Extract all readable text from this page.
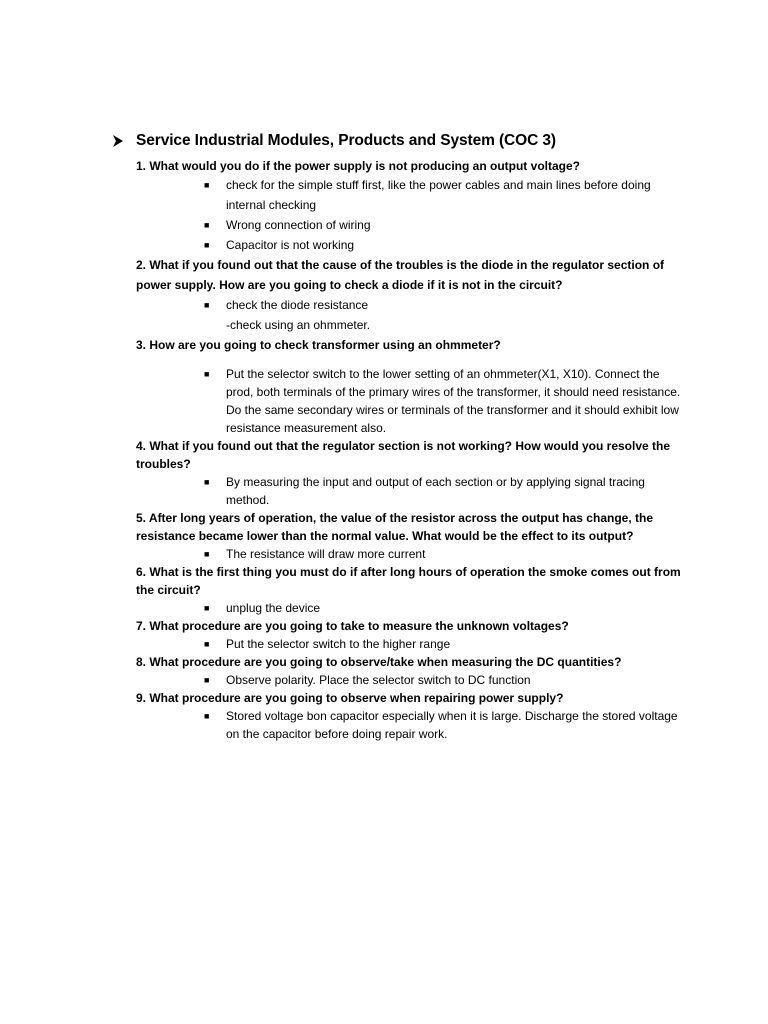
Service Industrial Modules, Products and System (COC 3)

1. What would you do if the power supply is not producing an output voltage?

■ check for the simple stuff first, like the power cables and main lines before doing internal checking
■ Wrong connection of wiring
■ Capacitor is not working

2. What if you found out that the cause of the troubles is the diode in the regulator section of power supply. How are you going to check a diode if it is not in the circuit?

■ check the diode resistance
-check using an ohmmeter.

3. How are you going to check transformer using an ohmmeter?

■ Put the selector switch to the lower setting of an ohmmeter(X1, X10). Connect the prod, both terminals of the primary wires of the transformer, it should need resistance. Do the same secondary wires or terminals of the transformer and it should exhibit low resistance measurement also.

4. What if you found out that the regulator section is not working? How would you resolve the troubles?

■ By measuring the input and output of each section or by applying signal tracing method.

5. After long years of operation, the value of the resistor across the output has change, the resistance became lower than the normal value. What would be the effect to its output?

■ The resistance will draw more current

6. What is the first thing you must do if after long hours of operation the smoke comes out from the circuit?

■ unplug the device

7. What procedure are you going to take to measure the unknown voltages?

■ Put the selector switch to the higher range

8. What procedure are you going to observe/take when measuring the DC quantities?

■ Observe polarity. Place the selector switch to DC function

9. What procedure are you going to observe when repairing power supply?

■ Stored voltage bon capacitor especially when it is large. Discharge the stored voltage on the capacitor before doing repair work.
